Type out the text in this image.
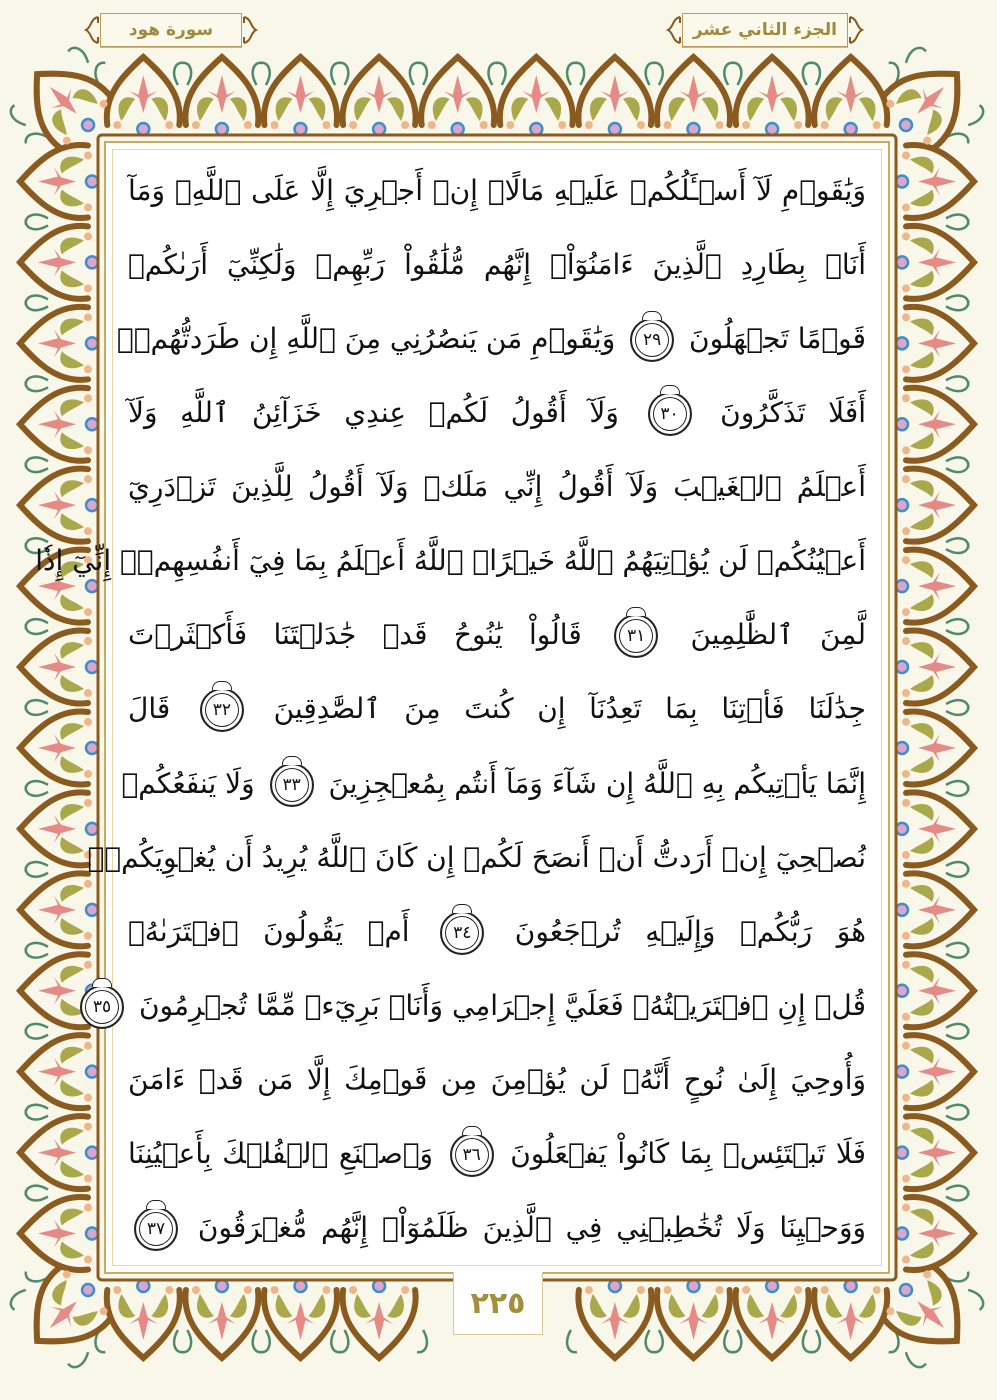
سورة هود	الجزء الثاني عشر
وَيَٰقَوۡمِ لَآ أَسۡـَٔلُكُمۡ عَلَيۡهِ مَالًاۖ إِنۡ أَجۡرِيَ إِلَّا عَلَى ٱللَّهِۚ وَمَآ
أَنَا۠ بِطَارِدِ ٱلَّذِينَ ءَامَنُوٓاْۚ إِنَّهُم مُّلَٰقُواْ رَبِّهِمۡ وَلَٰكِنِّيٓ أَرَىٰكُمۡ
قَوۡمًا تَجۡهَلُونَ ٢٩ وَيَٰقَوۡمِ مَن يَنصُرُنِي مِنَ ٱللَّهِ إِن طَرَدتُّهُمۡۚ
أَفَلَا تَذَكَّرُونَ ٣٠ وَلَآ أَقُولُ لَكُمۡ عِندِي خَزَآئِنُ ٱللَّهِ وَلَآ
أَعۡلَمُ ٱلۡغَيۡبَ وَلَآ أَقُولُ إِنِّي مَلَكٞ وَلَآ أَقُولُ لِلَّذِينَ تَزۡدَرِيٓ
أَعۡيُنُكُمۡ لَن يُؤۡتِيَهُمُ ٱللَّهُ خَيۡرًاۖ ٱللَّهُ أَعۡلَمُ بِمَا فِيٓ أَنفُسِهِمۡۖ إِنِّيٓ إِذٗا
لَّمِنَ ٱلظَّٰلِمِينَ ٣١ قَالُواْ يَٰنُوحُ قَدۡ جَٰدَلۡتَنَا فَأَكۡثَرۡتَ
جِدَٰلَنَا فَأۡتِنَا بِمَا تَعِدُنَآ إِن كُنتَ مِنَ ٱلصَّٰدِقِينَ ٣٢ قَالَ
إِنَّمَا يَأۡتِيكُم بِهِ ٱللَّهُ إِن شَآءَ وَمَآ أَنتُم بِمُعۡجِزِينَ ٣٣ وَلَا يَنفَعُكُمۡ
نُصۡحِيٓ إِنۡ أَرَدتُّ أَنۡ أَنصَحَ لَكُمۡ إِن كَانَ ٱللَّهُ يُرِيدُ أَن يُغۡوِيَكُمۡۚ
هُوَ رَبُّكُمۡ وَإِلَيۡهِ تُرۡجَعُونَ ٣٤ أَمۡ يَقُولُونَ ٱفۡتَرَىٰهُۖ
قُلۡ إِنِ ٱفۡتَرَيۡتُهُۥ فَعَلَيَّ إِجۡرَامِي وَأَنَا۠ بَرِيٓءٞ مِّمَّا تُجۡرِمُونَ ٣٥
وَأُوحِيَ إِلَىٰ نُوحٍ أَنَّهُۥ لَن يُؤۡمِنَ مِن قَوۡمِكَ إِلَّا مَن قَدۡ ءَامَنَ
فَلَا تَبۡتَئِسۡ بِمَا كَانُواْ يَفۡعَلُونَ ٣٦ وَٱصۡنَعِ ٱلۡفُلۡكَ بِأَعۡيُنِنَا
وَوَحۡيِنَا وَلَا تُخَٰطِبۡنِي فِي ٱلَّذِينَ ظَلَمُوٓاْۚ إِنَّهُم مُّغۡرَقُونَ ٣٧
٢٢٥
